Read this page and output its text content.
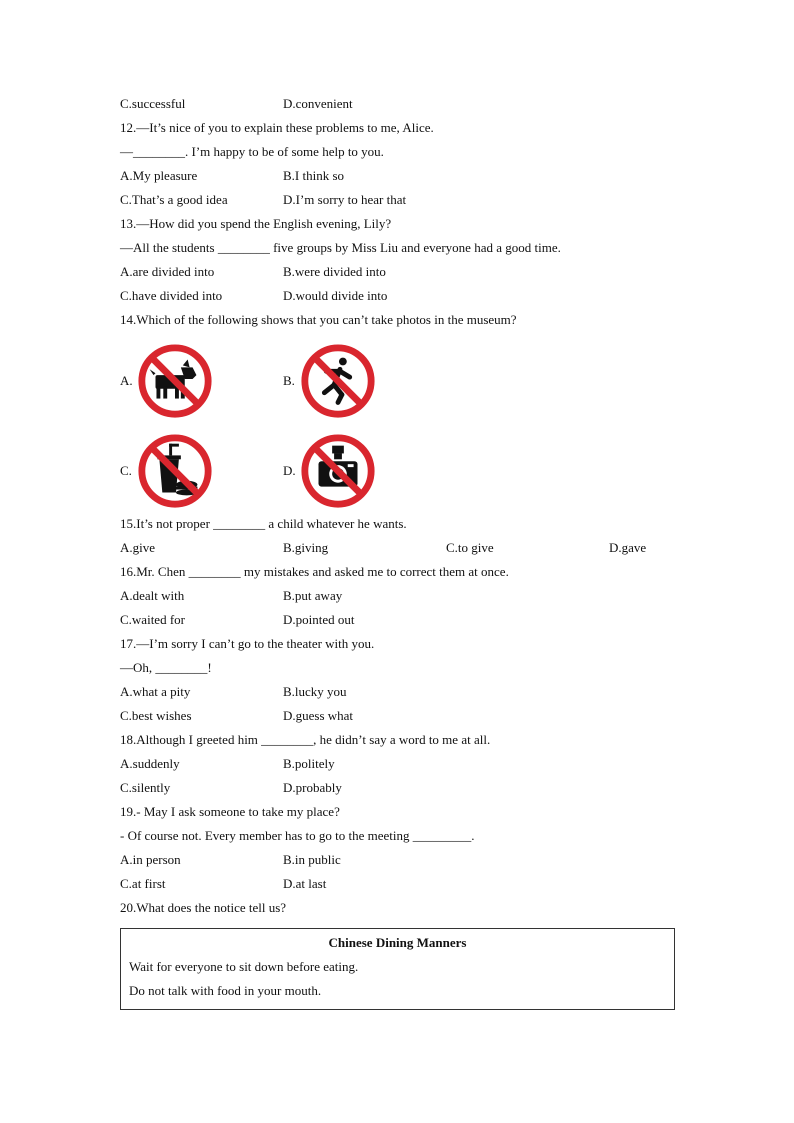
C.successful	D.convenient
12.—It’s nice of you to explain these problems to me, Alice.
—________. I’m happy to be of some help to you.
A.My pleasure	B.I think so
C.That’s a good idea	D.I’m sorry to hear that
13.—How did you spend the English evening, Lily?
—All the students ________ five groups by Miss Liu and everyone had a good time.
A.are divided into	B.were divided into
C.have divided into	D.would divide into
14.Which of the following shows that you can’t take photos in the museum?
A.	B.
C.	D.
15.It’s not proper ________ a child whatever he wants.
A.give	B.giving	C.to give	D.gave
16.Mr. Chen ________ my mistakes and asked me to correct them at once.
A.dealt with	B.put away
C.waited for	D.pointed out
17.—I’m sorry I can’t go to the theater with you.
—Oh, ________!
A.what a pity	B.lucky you
C.best wishes	D.guess what
18.Although I greeted him ________, he didn’t say a word to me at all.
A.suddenly	B.politely
C.silently	D.probably
19.- May I ask someone to take my place?
- Of course not. Every member has to go to the meeting _________.
A.in person	B.in public
C.at first	D.at last
20.What does the notice tell us?
Chinese Dining Manners
Wait for everyone to sit down before eating.
Do not talk with food in your mouth.
